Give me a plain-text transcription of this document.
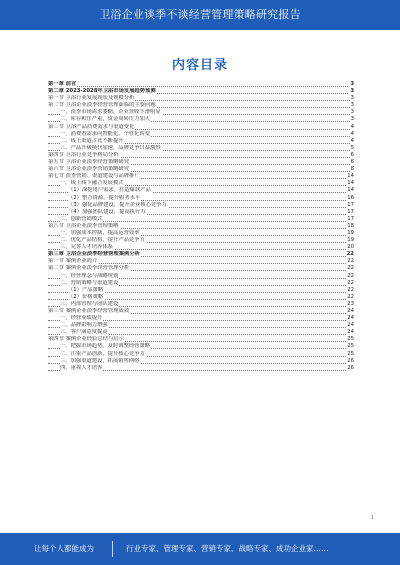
卫浴企业谈季不谈经营管理策略研究报告
内容目录
第一章 前言	3
第二章 2023-2028年卫浴市场发展趋势预测	3
第一节 卫浴行业发展现状及规模分析	3
第二节 卫浴企业淡季经营管理面临的主要问题	3
一、淡季市场需求萎缩，企业营收下滑明显	3
二、库存积压严重，资金周转压力加大	3
第三节 卫浴产品消费需求与渠道变化	4
一、消费者需求向智能化、个性化转变	4
二、线上渠道占比不断提升	4
三、产品升级换代加速，品牌竞争日益激烈	5
第四节 卫浴行业竞争格局分析	6
第五节 卫浴企业淡季经营策略研究	6
第六节 卫浴企业淡季营销策略研究	8
第七节 淡季营销、渠道建设与品牌推广	14
一、线上线下融合发展模式	14
（1）深挖用户需求，打造爆款产品	14
（2）整合资源，提升服务水平	16
（3）强化品牌建设，提升企业核心竞争力	17
（4）加强团队建设，提高执行力	17
二、创新营销模式	17
第八节 卫浴企业淡季管理策略	18
一、加强成本控制，提高运营效率	19
二、优化产品结构，提升产品竞争力	19
三、完善人才培养体系	20
第三章 卫浴企业淡季经营管理案例分析	22
第一节 案例企业简介	22
第二节 案例企业淡季经营管理分析	22
一、经营理念与战略规划	22
二、营销策略与渠道建设	22
（1）产品策略	22
（2）价格策略	22
三、内部管理与团队建设	23
第三节 案例企业淡季经营管理成效	24
一、经营业绩提升	24
二、品牌影响力增强	24
三、客户满意度提高	24
第四节 案例企业经验总结与启示	25
一、把握市场趋势，及时调整经营策略	25
二、注重产品创新，提升核心竞争力	25
三、加强渠道建设，拓展销售网络	26
四、重视人才培养	26
1
让每个人都能成为	行业专家、管理专家、营销专家、战略专家、成功企业家……
